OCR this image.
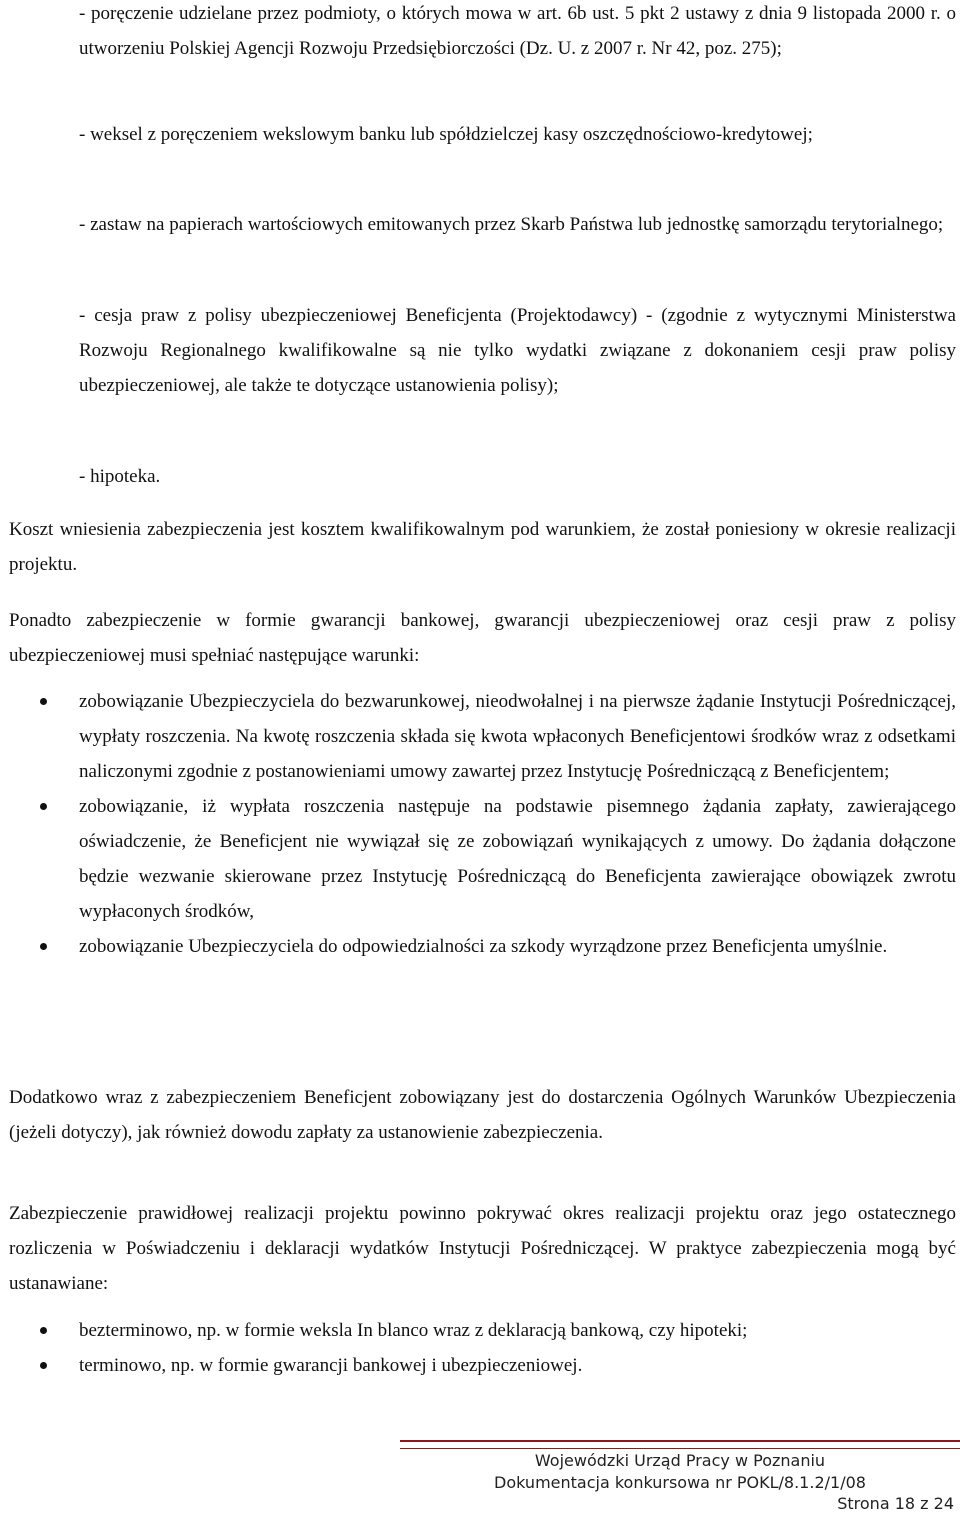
- poręczenie udzielane przez podmioty, o których mowa w art. 6b ust. 5 pkt 2 ustawy z dnia 9 listopada 2000 r. o utworzeniu Polskiej Agencji Rozwoju Przedsiębiorczości (Dz. U. z 2007 r. Nr 42, poz. 275);

- weksel z poręczeniem wekslowym banku lub spółdzielczej kasy oszczędnościowo-kredytowej;

- zastaw na papierach wartościowych emitowanych przez Skarb Państwa lub jednostkę samorządu terytorialnego;

- cesja praw z polisy ubezpieczeniowej Beneficjenta (Projektodawcy) - (zgodnie z wytycznymi Ministerstwa Rozwoju Regionalnego kwalifikowalne są nie tylko wydatki związane z dokonaniem cesji praw polisy ubezpieczeniowej, ale także te dotyczące ustanowienia polisy);

- hipoteka.

Koszt wniesienia zabezpieczenia jest kosztem kwalifikowalnym pod warunkiem, że został poniesiony w okresie realizacji projektu.

Ponadto zabezpieczenie w formie gwarancji bankowej, gwarancji ubezpieczeniowej oraz cesji praw z polisy ubezpieczeniowej musi spełniać następujące warunki:

zobowiązanie Ubezpieczyciela do bezwarunkowej, nieodwołalnej i na pierwsze żądanie Instytucji Pośredniczącej, wypłaty roszczenia. Na kwotę roszczenia składa się kwota wpłaconych Beneficjentowi środków wraz z odsetkami naliczonymi zgodnie z postanowieniami umowy zawartej przez Instytucję Pośredniczącą z Beneficjentem;

zobowiązanie, iż wypłata roszczenia następuje na podstawie pisemnego żądania zapłaty, zawierającego oświadczenie, że Beneficjent nie wywiązał się ze zobowiązań wynikających z umowy. Do żądania dołączone będzie wezwanie skierowane przez Instytucję Pośredniczącą do Beneficjenta zawierające obowiązek zwrotu wypłaconych środków,

zobowiązanie Ubezpieczyciela do odpowiedzialności za szkody wyrządzone przez Beneficjenta umyślnie.

Dodatkowo wraz z zabezpieczeniem Beneficjent zobowiązany jest do dostarczenia Ogólnych Warunków Ubezpieczenia (jeżeli dotyczy), jak również dowodu zapłaty za ustanowienie zabezpieczenia.

Zabezpieczenie prawidłowej realizacji projektu powinno pokrywać okres realizacji projektu oraz jego ostatecznego rozliczenia w Poświadczeniu i deklaracji wydatków Instytucji Pośredniczącej. W praktyce zabezpieczenia mogą być ustanawiane:

bezterminowo, np. w formie weksla In blanco wraz z deklaracją bankową, czy hipoteki;

terminowo, np. w formie gwarancji bankowej i ubezpieczeniowej.

Wojewódzki Urząd Pracy w Poznaniu
Dokumentacja konkursowa nr POKL/8.1.2/1/08
Strona 18 z 24
